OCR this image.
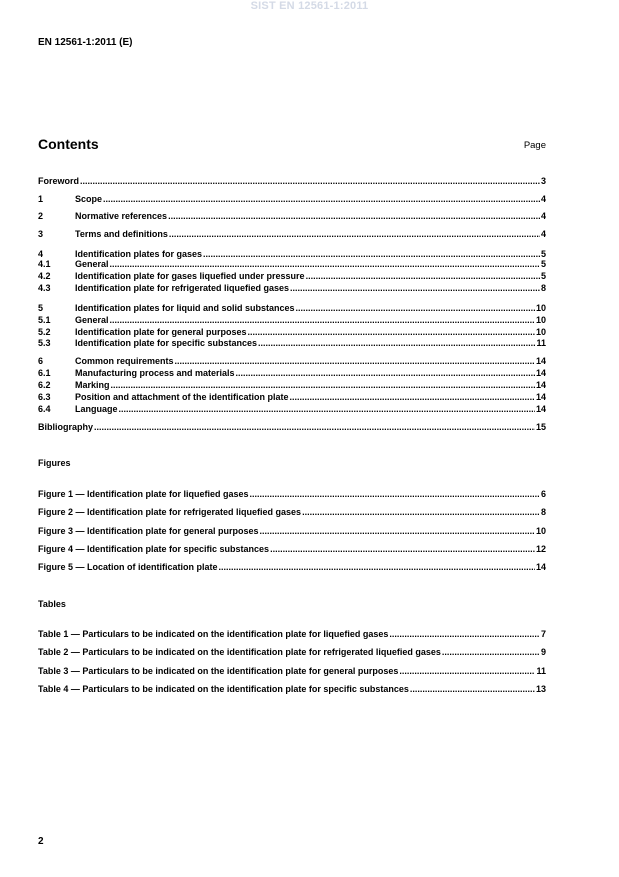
SIST EN 12561-1:2011
EN 12561-1:2011 (E)
Contents	Page
Foreword .....	3
1	Scope .....	4
2	Normative references .....	4
3	Terms and definitions .....	4
4	Identification plates for gases .....	5
4.1	General .....	5
4.2	Identification plate for gases liquefied under pressure .....	5
4.3	Identification plate for refrigerated liquefied gases .....	8
5	Identification plates for liquid and solid substances .....	10
5.1	General .....	10
5.2	Identification plate for general purposes .....	10
5.3	Identification plate for specific substances .....	11
6	Common requirements .....	14
6.1	Manufacturing process and materials .....	14
6.2	Marking .....	14
6.3	Position and attachment of the identification plate .....	14
6.4	Language .....	14
Bibliography .....	15
Figure 1 — Identification plate for liquefied gases .....	6
Figure 2 — Identification plate for refrigerated liquefied gases .....	8
Figure 3 — Identification plate for general purposes .....	10
Figure 4 — Identification plate for specific substances .....	12
Figure 5 — Location of identification plate .....	14
Table 1 — Particulars to be indicated on the identification plate for liquefied gases .....	7
Table 2 — Particulars to be indicated on the identification plate for refrigerated liquefied gases .....	9
Table 3 — Particulars to be indicated on the identification plate for general purposes .....	11
Table 4 — Particulars to be indicated on the identification plate for specific substances .....	13
Figures
Tables
2
